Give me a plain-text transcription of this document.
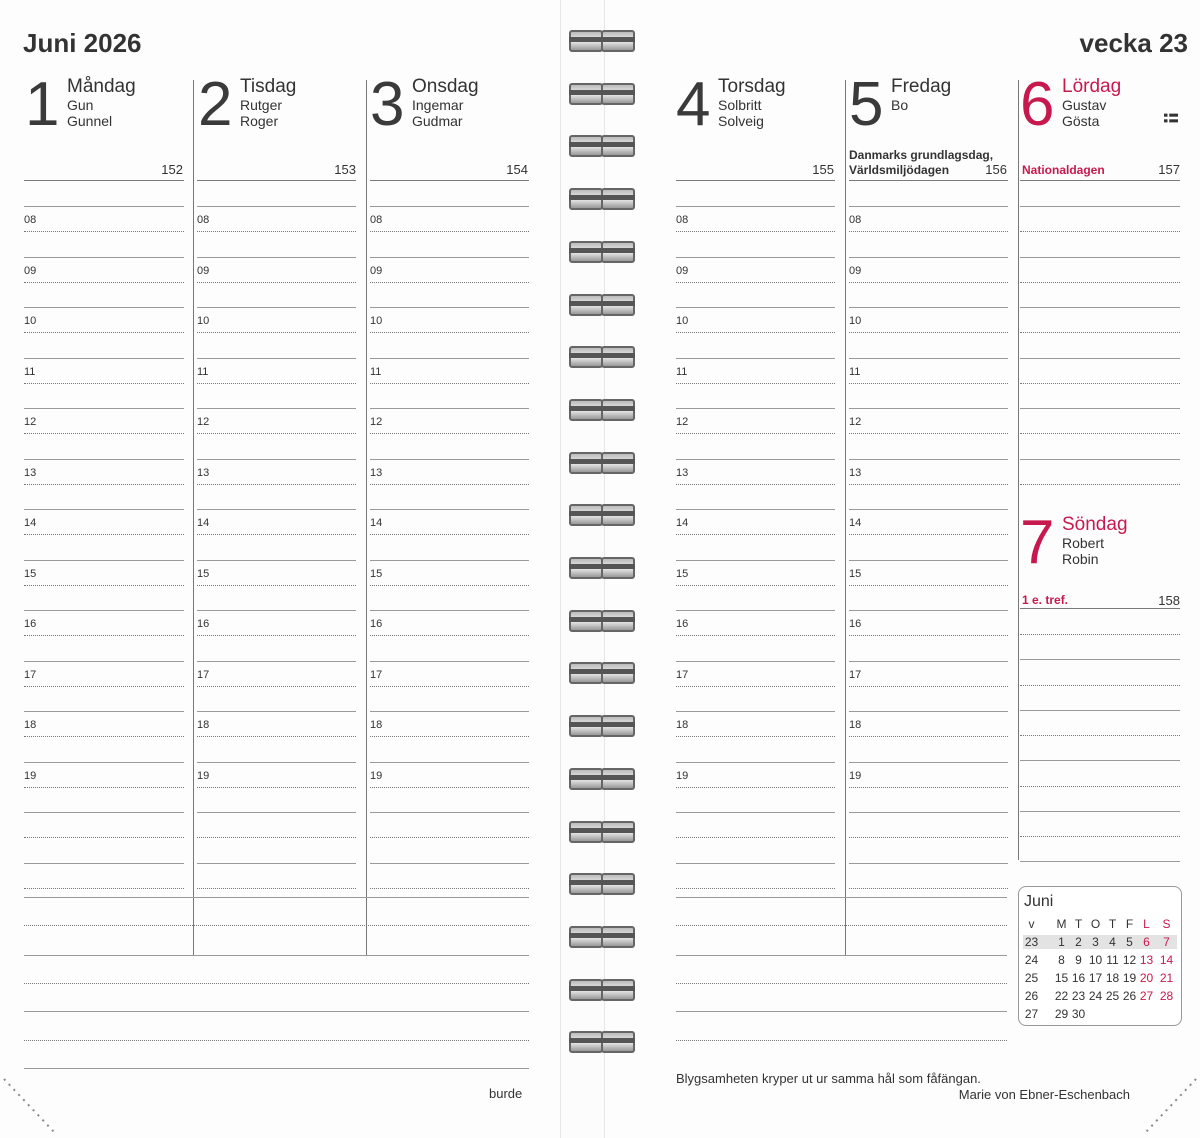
Juni 2026	vecka 23
1 Måndag
Gun
Gunnel 2 Tisdag
Rutger
Roger 3 Onsdag
Ingemar
Gudmar	4 Torsdag
Solbritt
Solveig 5 Fredag
Bo 6 Lördag
Gustav
Gösta
7 Söndag
Robert
Robin
152	153	154	155	156	157
158
Danmarks grundlagsdag,
Världsmiljödagen	Nationaldagen
1 e. tref.
08
09
10
11
12
13
14
15
16
17
18
19
08
09
10
11
12
13
14
15
16
17
18
19
08
09
10
11
12
13
14
15
16
17
18
19
08
09
10
11
12
13
14
15
16
17
18
19
08
09
10
11
12
13
14
15
16
17
18
19
Juni
v	M T O T F L	S
23	1 2 3 4 5 6	7
24	8 9 10 11 12 13 14
25 15 16 17 18 19 20 21
26 22 23 24 25 26 27 28
27 29 30
Blygsamheten kryper ut ur samma hål som fåfängan.
Marie von Ebner-Eschenbach
burde
